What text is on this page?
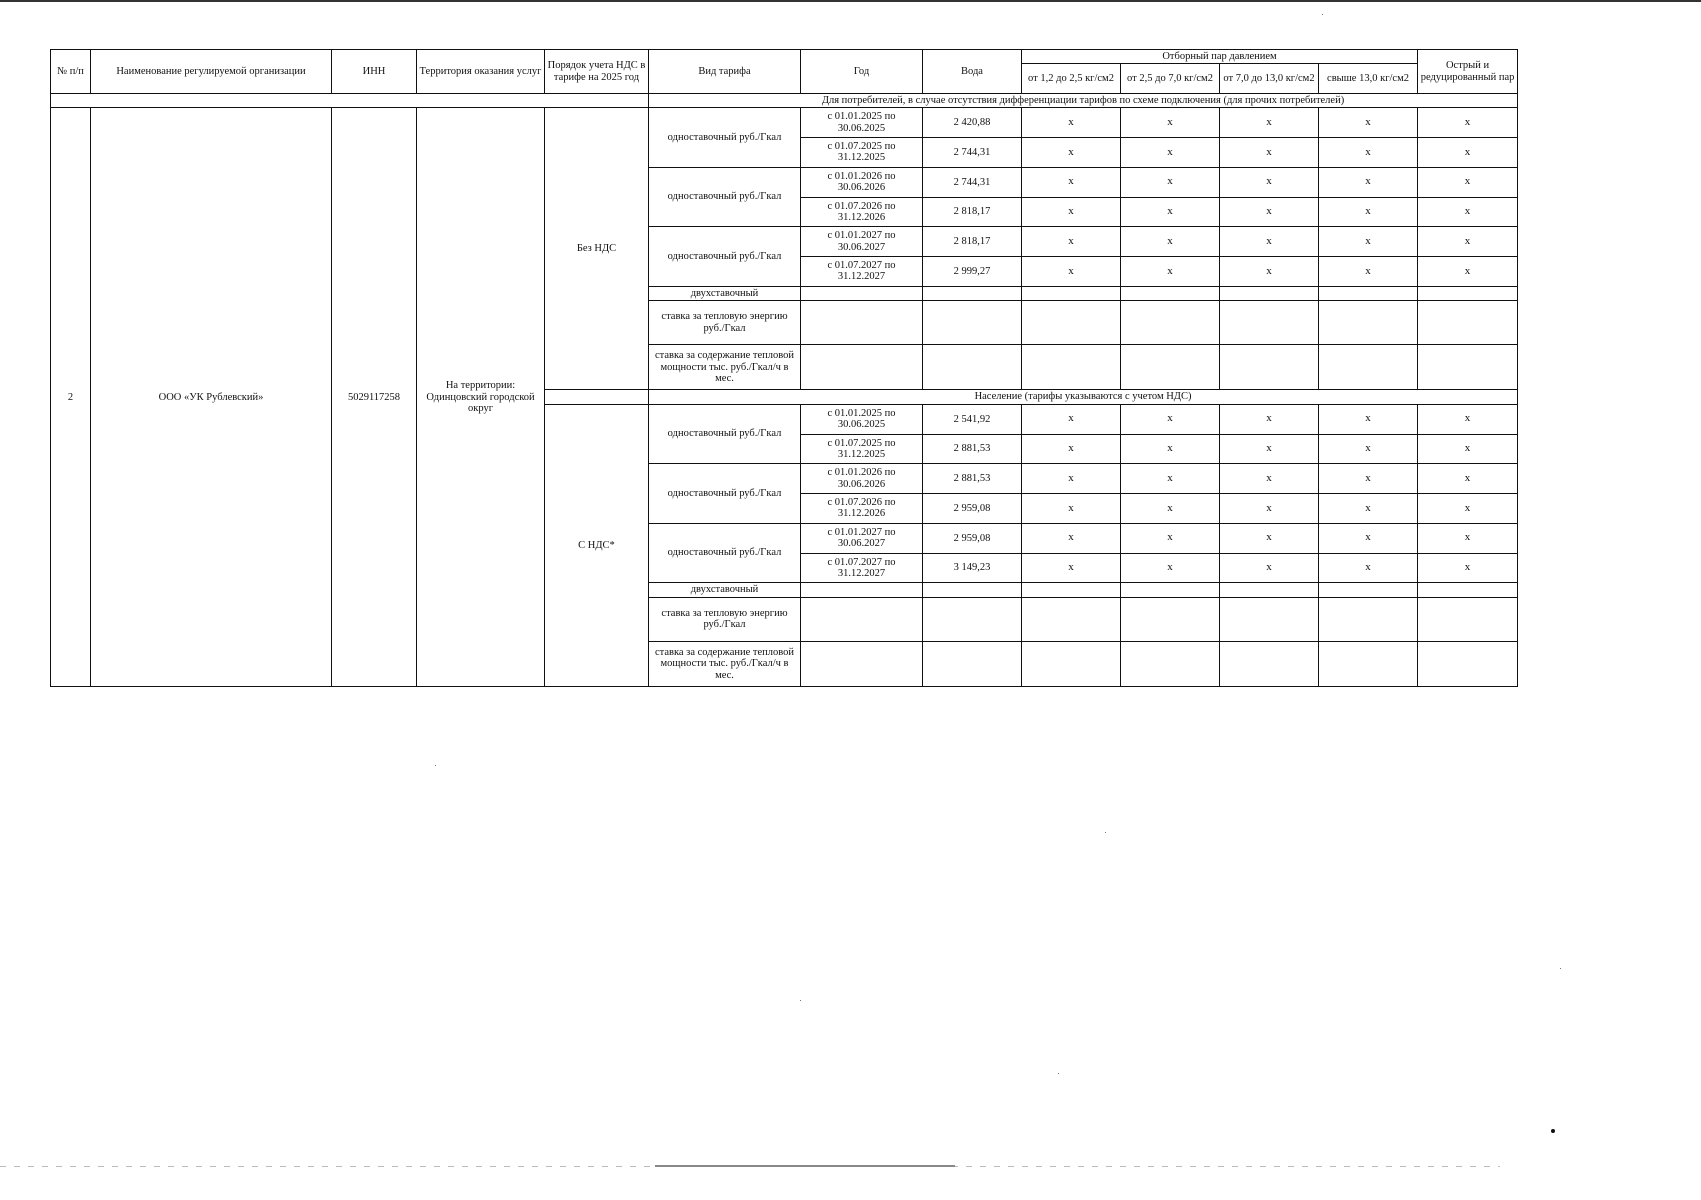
№ п/п	Наименование регулируемой организации	ИНН	Территория оказания услуг	Порядок учета НДС в тарифе на 2025 год	Вид тарифа	Год	Вода	Отборный пар давлением				Острый и редуцированный пар
								от 1,2 до 2,5 кг/см2	от 2,5 до 7,0 кг/см2	от 7,0 до 13,0 кг/см2	свыше 13,0 кг/см2	
					Для потребителей, в случае отсутствия дифференциации тарифов по схеме подключения (для прочих потребителей)							
2	ООО «УК Рублевский»	5029117258	На территории: Одинцовский городской округ	Без НДС	одноставочный руб./Гкал	с 01.01.2025 по 30.06.2025	2 420,88	x	x	x	x	x
						с 01.07.2025 по 31.12.2025	2 744,31	x	x	x	x	x
					одноставочный руб./Гкал	с 01.01.2026 по 30.06.2026	2 744,31	x	x	x	x	x
						с 01.07.2026 по 31.12.2026	2 818,17	x	x	x	x	x
					одноставочный руб./Гкал	с 01.01.2027 по 30.06.2027	2 818,17	x	x	x	x	x
						с 01.07.2027 по 31.12.2027	2 999,27	x	x	x	x	x
					двухставочный							
					ставка за тепловую энергию руб./Гкал							
					ставка за содержание тепловой мощности тыс. руб./Гкал/ч в мес.							
					Население (тарифы указываются с учетом НДС)							
				С НДС*	одноставочный руб./Гкал	с 01.01.2025 по 30.06.2025	2 541,92	x	x	x	x	x
						с 01.07.2025 по 31.12.2025	2 881,53	x	x	x	x	x
					одноставочный руб./Гкал	с 01.01.2026 по 30.06.2026	2 881,53	x	x	x	x	x
						с 01.07.2026 по 31.12.2026	2 959,08	x	x	x	x	x
					одноставочный руб./Гкал	с 01.01.2027 по 30.06.2027	2 959,08	x	x	x	x	x
						с 01.07.2027 по 31.12.2027	3 149,23	x	x	x	x	x
					двухставочный							
					ставка за тепловую энергию руб./Гкал							
					ставка за содержание тепловой мощности тыс. руб./Гкал/ч в мес.							
